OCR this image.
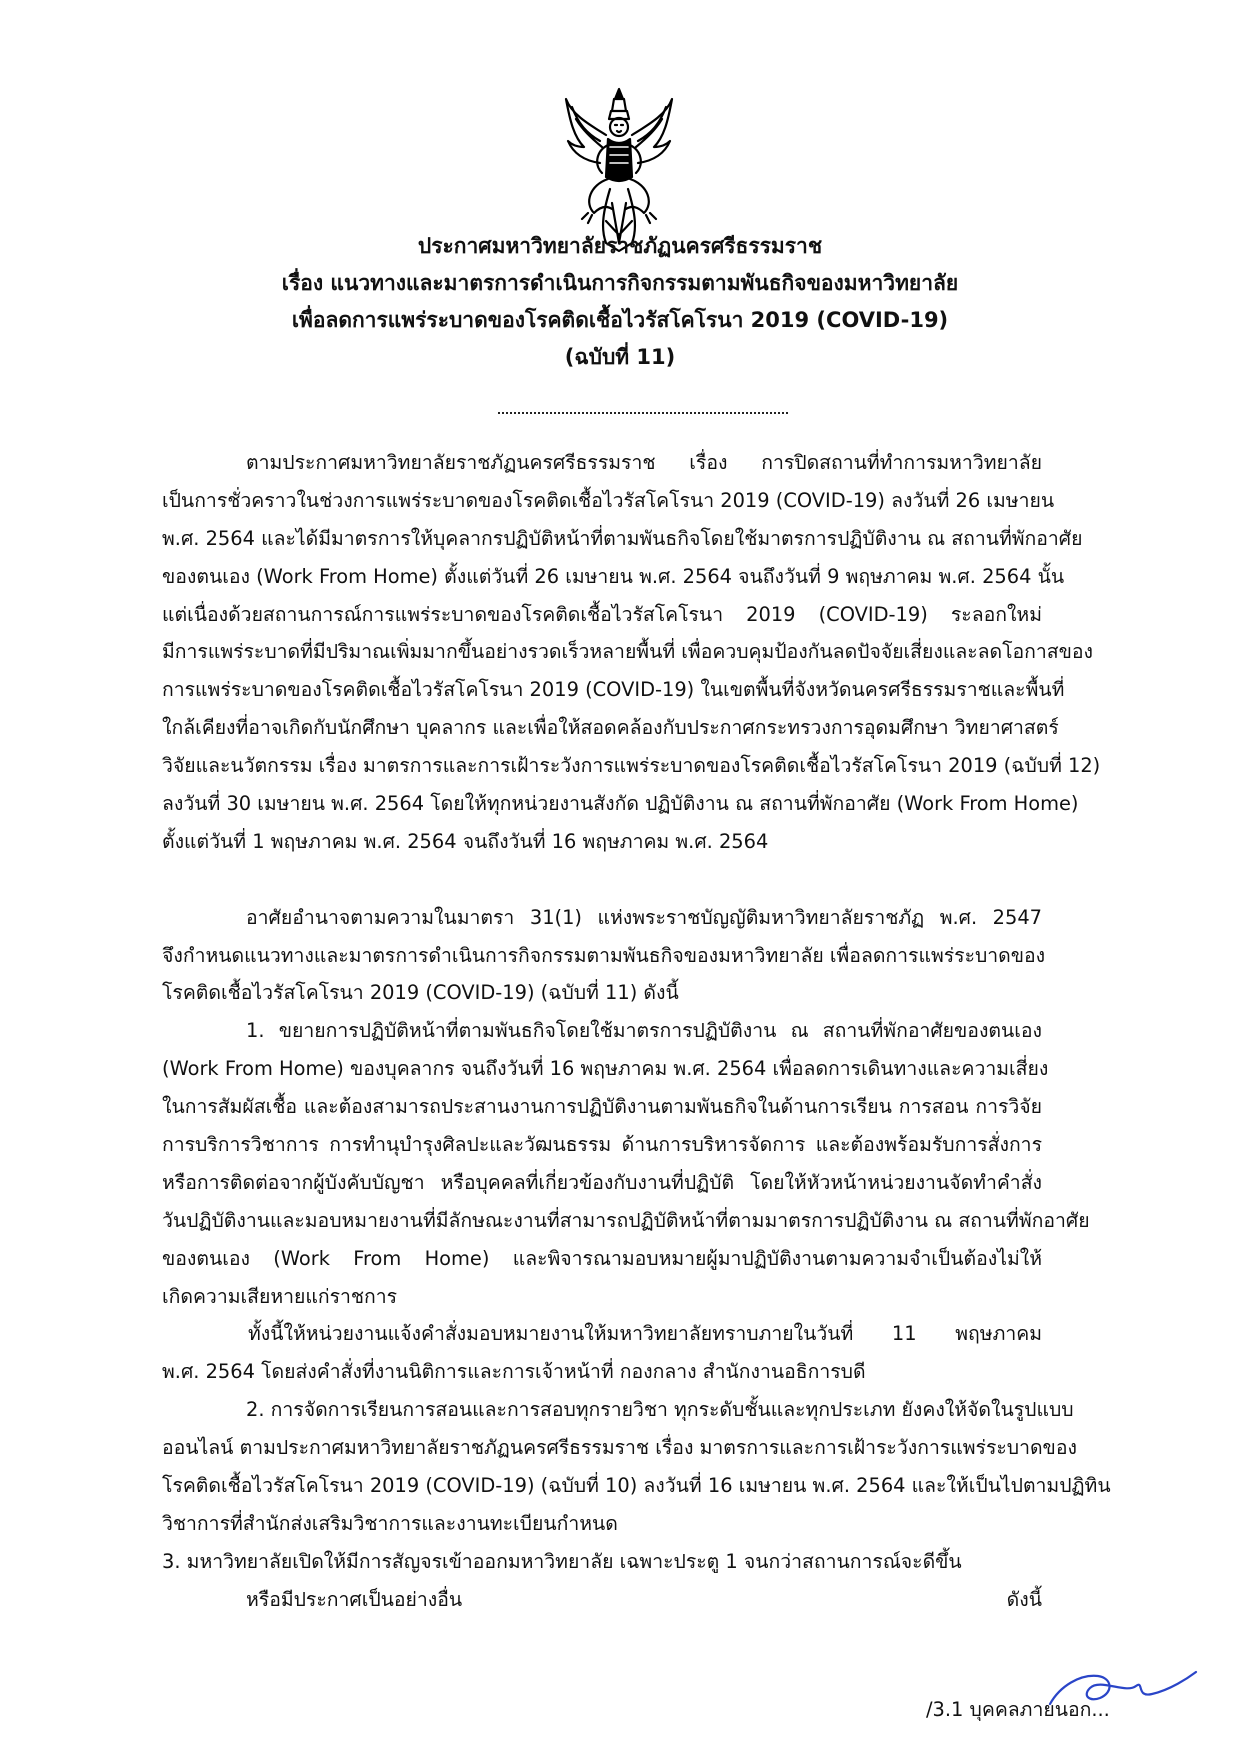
ประกาศมหาวิทยาลัยราชภัฏนครศรีธรรมราช
เรื่อง แนวทางและมาตรการดำเนินการกิจกรรมตามพันธกิจของมหาวิทยาลัย
เพื่อลดการแพร่ระบาดของโรคติดเชื้อไวรัสโคโรนา 2019 (COVID-19)
(ฉบับที่ 11)
ตามประกาศมหาวิทยาลัยราชภัฏนครศรีธรรมราช เรื่อง การปิดสถานที่ทำการมหาวิทยาลัย
เป็นการชั่วคราวในช่วงการแพร่ระบาดของโรคติดเชื้อไวรัสโคโรนา 2019 (COVID-19) ลงวันที่ 26 เมษายน
พ.ศ. 2564 และได้มีมาตรการให้บุคลากรปฏิบัติหน้าที่ตามพันธกิจโดยใช้มาตรการปฏิบัติงาน ณ สถานที่พักอาศัย
ของตนเอง (Work From Home) ตั้งแต่วันที่ 26 เมษายน พ.ศ. 2564 จนถึงวันที่ 9 พฤษภาคม พ.ศ. 2564 นั้น
แต่เนื่องด้วยสถานการณ์การแพร่ระบาดของโรคติดเชื้อไวรัสโคโรนา 2019 (COVID-19) ระลอกใหม่
มีการแพร่ระบาดที่มีปริมาณเพิ่มมากขึ้นอย่างรวดเร็วหลายพื้นที่ เพื่อควบคุมป้องกันลดปัจจัยเสี่ยงและลดโอกาสของ
การแพร่ระบาดของโรคติดเชื้อไวรัสโคโรนา 2019 (COVID-19) ในเขตพื้นที่จังหวัดนครศรีธรรมราชและพื้นที่
ใกล้เคียงที่อาจเกิดกับนักศึกษา บุคลากร และเพื่อให้สอดคล้องกับประกาศกระทรวงการอุดมศึกษา วิทยาศาสตร์
วิจัยและนวัตกรรม เรื่อง มาตรการและการเฝ้าระวังการแพร่ระบาดของโรคติดเชื้อไวรัสโคโรนา 2019 (ฉบับที่ 12)
ลงวันที่ 30 เมษายน พ.ศ. 2564 โดยให้ทุกหน่วยงานสังกัด ปฏิบัติงาน ณ สถานที่พักอาศัย (Work From Home)
ตั้งแต่วันที่ 1 พฤษภาคม พ.ศ. 2564 จนถึงวันที่ 16 พฤษภาคม พ.ศ. 2564
อาศัยอำนาจตามความในมาตรา 31(1) แห่งพระราชบัญญัติมหาวิทยาลัยราชภัฏ พ.ศ. 2547
จึงกำหนดแนวทางและมาตรการดำเนินการกิจกรรมตามพันธกิจของมหาวิทยาลัย เพื่อลดการแพร่ระบาดของ
โรคติดเชื้อไวรัสโคโรนา 2019 (COVID-19) (ฉบับที่ 11) ดังนี้
1. ขยายการปฏิบัติหน้าที่ตามพันธกิจโดยใช้มาตรการปฏิบัติงาน ณ สถานที่พักอาศัยของตนเอง
(Work From Home) ของบุคลากร จนถึงวันที่ 16 พฤษภาคม พ.ศ. 2564 เพื่อลดการเดินทางและความเสี่ยง
ในการสัมผัสเชื้อ และต้องสามารถประสานงานการปฏิบัติงานตามพันธกิจในด้านการเรียน การสอน การวิจัย
การบริการวิชาการ การทำนุบำรุงศิลปะและวัฒนธรรม ด้านการบริหารจัดการ และต้องพร้อมรับการสั่งการ
หรือการติดต่อจากผู้บังคับบัญชา หรือบุคคลที่เกี่ยวข้องกับงานที่ปฏิบัติ โดยให้หัวหน้าหน่วยงานจัดทำคำสั่ง
วันปฏิบัติงานและมอบหมายงานที่มีลักษณะงานที่สามารถปฏิบัติหน้าที่ตามมาตรการปฏิบัติงาน ณ สถานที่พักอาศัย
ของตนเอง (Work From Home) และพิจารณามอบหมายผู้มาปฏิบัติงานตามความจำเป็นต้องไม่ให้
เกิดความเสียหายแก่ราชการ
ทั้งนี้ให้หน่วยงานแจ้งคำสั่งมอบหมายงานให้มหาวิทยาลัยทราบภายในวันที่ 11 พฤษภาคม
พ.ศ. 2564 โดยส่งคำสั่งที่งานนิติการและการเจ้าหน้าที่ กองกลาง สำนักงานอธิการบดี
2. การจัดการเรียนการสอนและการสอบทุกรายวิชา ทุกระดับชั้นและทุกประเภท ยังคงให้จัดในรูปแบบ
ออนไลน์ ตามประกาศมหาวิทยาลัยราชภัฏนครศรีธรรมราช เรื่อง มาตรการและการเฝ้าระวังการแพร่ระบาดของ
โรคติดเชื้อไวรัสโคโรนา 2019 (COVID-19) (ฉบับที่ 10) ลงวันที่ 16 เมษายน พ.ศ. 2564 และให้เป็นไปตามปฏิทิน
วิชาการที่สำนักส่งเสริมวิชาการและงานทะเบียนกำหนด
3. มหาวิทยาลัยเปิดให้มีการสัญจรเข้าออกมหาวิทยาลัย เฉพาะประตู 1 จนกว่าสถานการณ์จะดีขึ้น
หรือมีประกาศเป็นอย่างอื่น ดังนี้
/3.1 บุคคลภายนอก...
